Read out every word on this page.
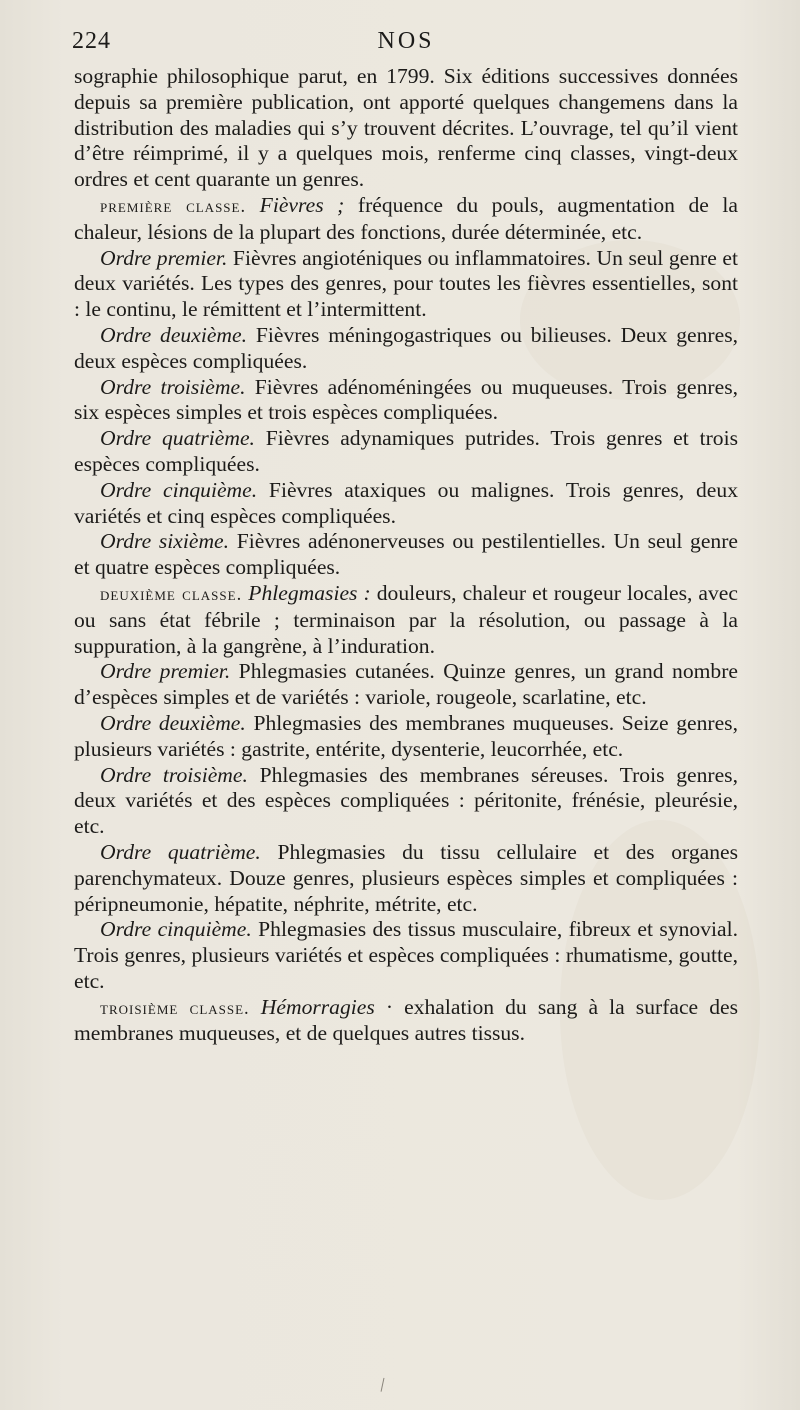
224	NOS

sographie philosophique parut, en 1799. Six éditions successives données depuis sa première publication, ont apporté quelques changemens dans la distribution des maladies qui s’y trouvent décrites. L’ouvrage, tel qu’il vient d’être réimprimé, il y a quelques mois, renferme cinq classes, vingt-deux ordres et cent quarante un genres.

première classe. Fièvres ; fréquence du pouls, augmentation de la chaleur, lésions de la plupart des fonctions, durée déterminée, etc.

Ordre premier. Fièvres angioténiques ou inflammatoires. Un seul genre et deux variétés. Les types des genres, pour toutes les fièvres essentielles, sont : le continu, le rémittent et l’intermittent.

Ordre deuxième. Fièvres méningogastriques ou bilieuses. Deux genres, deux espèces compliquées.

Ordre troisième. Fièvres adénoméningées ou muqueuses. Trois genres, six espèces simples et trois espèces compliquées.

Ordre quatrième. Fièvres adynamiques putrides. Trois genres et trois espèces compliquées.

Ordre cinquième. Fièvres ataxiques ou malignes. Trois genres, deux variétés et cinq espèces compliquées.

Ordre sixième. Fièvres adénonerveuses ou pestilentielles. Un seul genre et quatre espèces compliquées.

deuxième classe. Phlegmasies : douleurs, chaleur et rougeur locales, avec ou sans état fébrile ; terminaison par la résolution, ou passage à la suppuration, à la gangrène, à l’induration.

Ordre premier. Phlegmasies cutanées. Quinze genres, un grand nombre d’espèces simples et de variétés : variole, rougeole, scarlatine, etc.

Ordre deuxième. Phlegmasies des membranes muqueuses. Seize genres, plusieurs variétés : gastrite, entérite, dysenterie, leucorrhée, etc.

Ordre troisième. Phlegmasies des membranes séreuses. Trois genres, deux variétés et des espèces compliquées : péritonite, frénésie, pleurésie, etc.

Ordre quatrième. Phlegmasies du tissu cellulaire et des organes parenchymateux. Douze genres, plusieurs espèces simples et compliquées : péripneumonie, hépatite, néphrite, métrite, etc.

Ordre cinquième. Phlegmasies des tissus musculaire, fibreux et synovial. Trois genres, plusieurs variétés et espèces compliquées : rhumatisme, goutte, etc.

troisième classe. Hémorragies · exhalation du sang à la surface des membranes muqueuses, et de quelques autres tissus.
